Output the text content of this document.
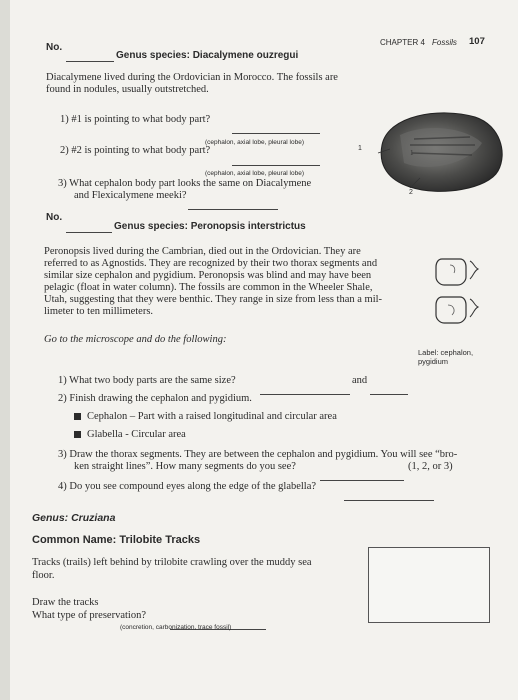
CHAPTER 4 Fossils 107
No.
Genus species: Diacalymene ouzregui
Diacalymene lived during the Ordovician in Morocco. The fossils are
found in nodules, usually outstretched.
1) #1 is pointing to what body part?
(cephalon, axial lobe, pleural lobe)
2) #2 is pointing to what body part?
(cephalon, axial lobe, pleural lobe)
3) What cephalon body part looks the same on Diacalymene
and Flexicalymene meeki?
1
1
2
No.
Genus species: Peronopsis interstrictus
Peronopsis lived during the Cambrian, died out in the Ordovician. They are
referred to as Agnostids. They are recognized by their two thorax segments and
similar size cephalon and pygidium. Peronopsis was blind and may have been
pelagic (float in water column). The fossils are common in the Wheeler Shale,
Utah, suggesting that they were benthic. They range in size from less than a mil-
limeter to ten millimeters.
Go to the microscope and do the following:
Label: cephalon,
pygidium
1) What two body parts are the same size?	and
2) Finish drawing the cephalon and pygidium.
Cephalon – Part with a raised longitudinal and circular area
Glabella - Circular area
3) Draw the thorax segments. They are between the cephalon and pygidium. You will see “bro-
ken straight lines”. How many segments do you see?	(1, 2, or 3)
4) Do you see compound eyes along the edge of the glabella?
Genus: Cruziana
Common Name: Trilobite Tracks
Tracks (trails) left behind by trilobite crawling over the muddy sea
floor.
Draw the tracks
What type of preservation?
(concretion, carbonization, trace fossil)
